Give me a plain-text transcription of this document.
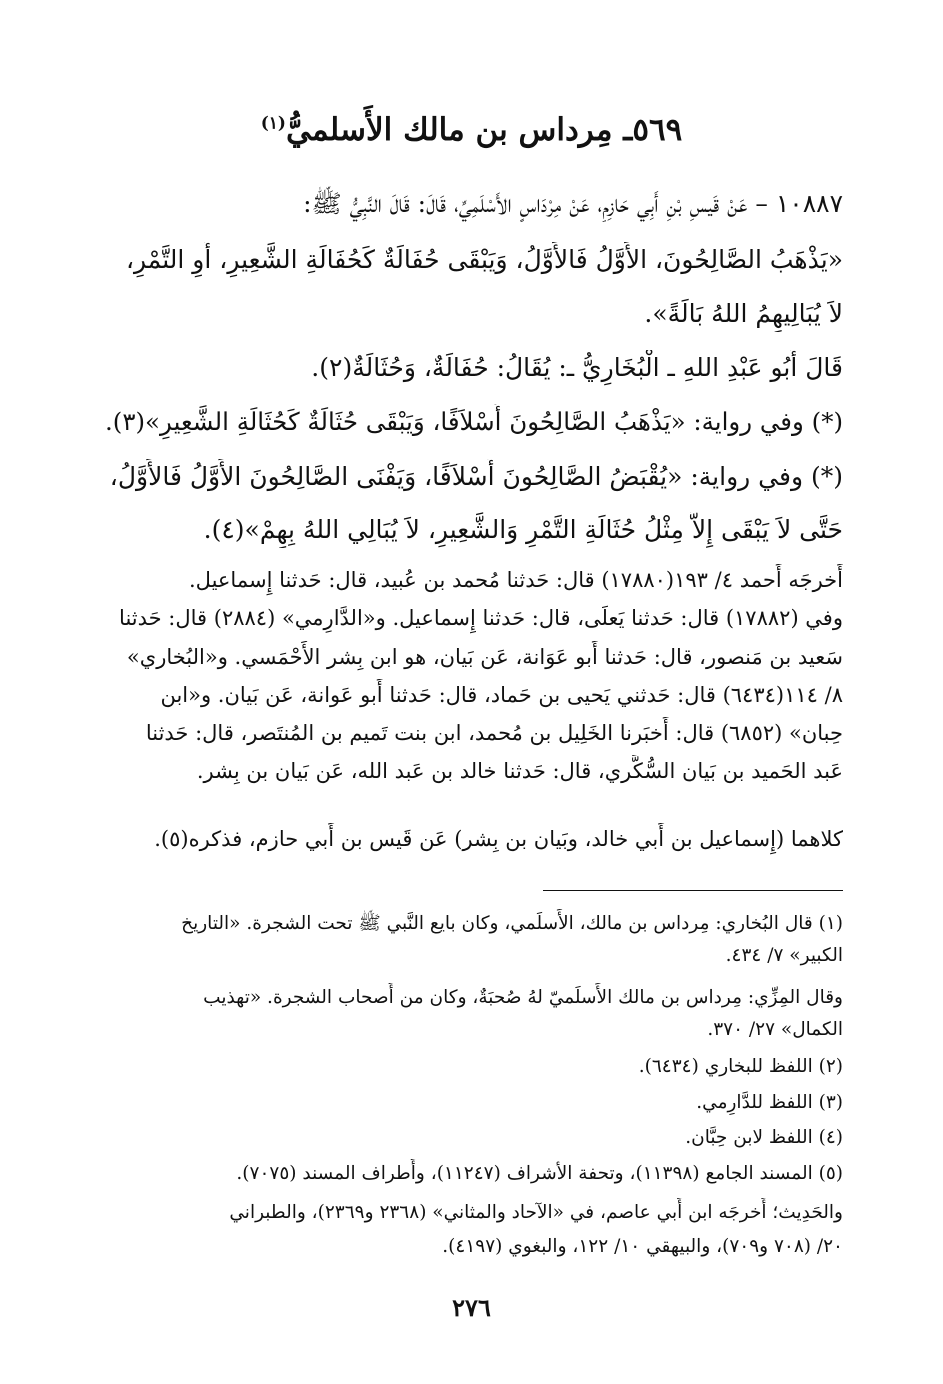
٥٦٩ـ مِرداس بن مالك الأَسلميُّ$^{(١)}$
١٠٨٨٧ – عَنْ قَيسِ بْنِ أَبِي حَازِمٍ، عَنْ مِرْدَاسٍ الأَسْلَمِيِّ، قَالَ: قَالَ النَّبِيُّ ﷺ:
«يَذْهَبُ الصَّالِحُونَ، الأَوَّلُ فَالأَوَّلُ، وَيَبْقَى حُفَالَةٌ كَحُفَالَةِ الشَّعِيرِ، أَوِ التَّمْرِ،
لاَ يُبَالِيهِمُ اللهُ بَالَةً».
قَالَ أَبُو عَبْدِ اللهِ ـ الْبُخَارِيُّ ـ: يُقَالُ: حُفَالَةٌ، وَحُثَالَةٌ(٢).
(*) وفي رواية: «يَذْهَبُ الصَّالِحُونَ أَسْلاَفًا، وَيَبْقَى حُثَالَةٌ كَحُثَالَةِ الشَّعِيرِ»(٣).
(*) وفي رواية: «يُقْبَضُ الصَّالِحُونَ أَسْلاَفًا، وَيَفْنَى الصَّالِحُونَ الأَوَّلُ فَالأَوَّلُ،
حَتَّى لاَ يَبْقَى إِلاَّ مِثْلُ حُثَالَةِ التَّمْرِ وَالشَّعِيرِ، لاَ يُبَالِي اللهُ بِهِمْ»(٤).
أَخرجَه أَحمد ٤/ ١٩٣(١٧٨٨٠) قال: حَدثنا مُحمد بن عُبيد، قال: حَدثنا إِسماعيل.
وفي (١٧٨٨٢) قال: حَدثنا يَعلَى، قال: حَدثنا إِسماعيل. و«الدَّارِمي» (٢٨٨٤) قال: حَدثنا
سَعيد بن مَنصور، قال: حَدثنا أَبو عَوَانة، عَن بَيان، هو ابن بِشر الأَحْمَسي. و«البُخاري»
٨/ ١١٤(٦٤٣٤) قال: حَدثني يَحيى بن حَماد، قال: حَدثنا أَبو عَوانة، عَن بَيان. و«ابن
حِبان» (٦٨٥٢) قال: أَخبَرنا الخَلِيل بن مُحمد، ابن بنت تَميم بن المُنتَصر، قال: حَدثنا
عَبد الحَميد بن بَيان السُّكَّري، قال: حَدثنا خالد بن عَبد الله، عَن بَيان بن بِشر.
كلاهما (إِسماعيل بن أَبي خالد، وبَيان بن بِشر) عَن قَيس بن أَبي حازم، فذكره(٥).
(١) قال البُخاري: مِرداس بن مالك، الأَسلَمي، وكان بايع النَّبي ﷺ تحت الشجرة. «التاريخ
الكبير» ٧/ ٤٣٤.
وقال المِزِّي: مِرداس بن مالك الأَسلَميّ لهُ صُحبَةٌ، وكان من أَصحاب الشجرة. «تهذيب
الكمال» ٢٧/ ٣٧٠.
(٢) اللفظ للبخاري (٦٤٣٤).
(٣) اللفظ للدَّارِمي.
(٤) اللفظ لابن حِبَّان.
(٥) المسند الجامع (١١٣٩٨)، وتحفة الأشراف (١١٢٤٧)، وأَطراف المسند (٧٠٧٥).
والحَدِيث؛ أَخرجَه ابن أَبي عاصم، في «الآحاد والمثاني» (٢٣٦٨ و٢٣٦٩)، والطبراني
٢٠/ (٧٠٨ و٧٠٩)، والبيهقي ١٠/ ١٢٢، والبغوي (٤١٩٧).
٢٧٦
